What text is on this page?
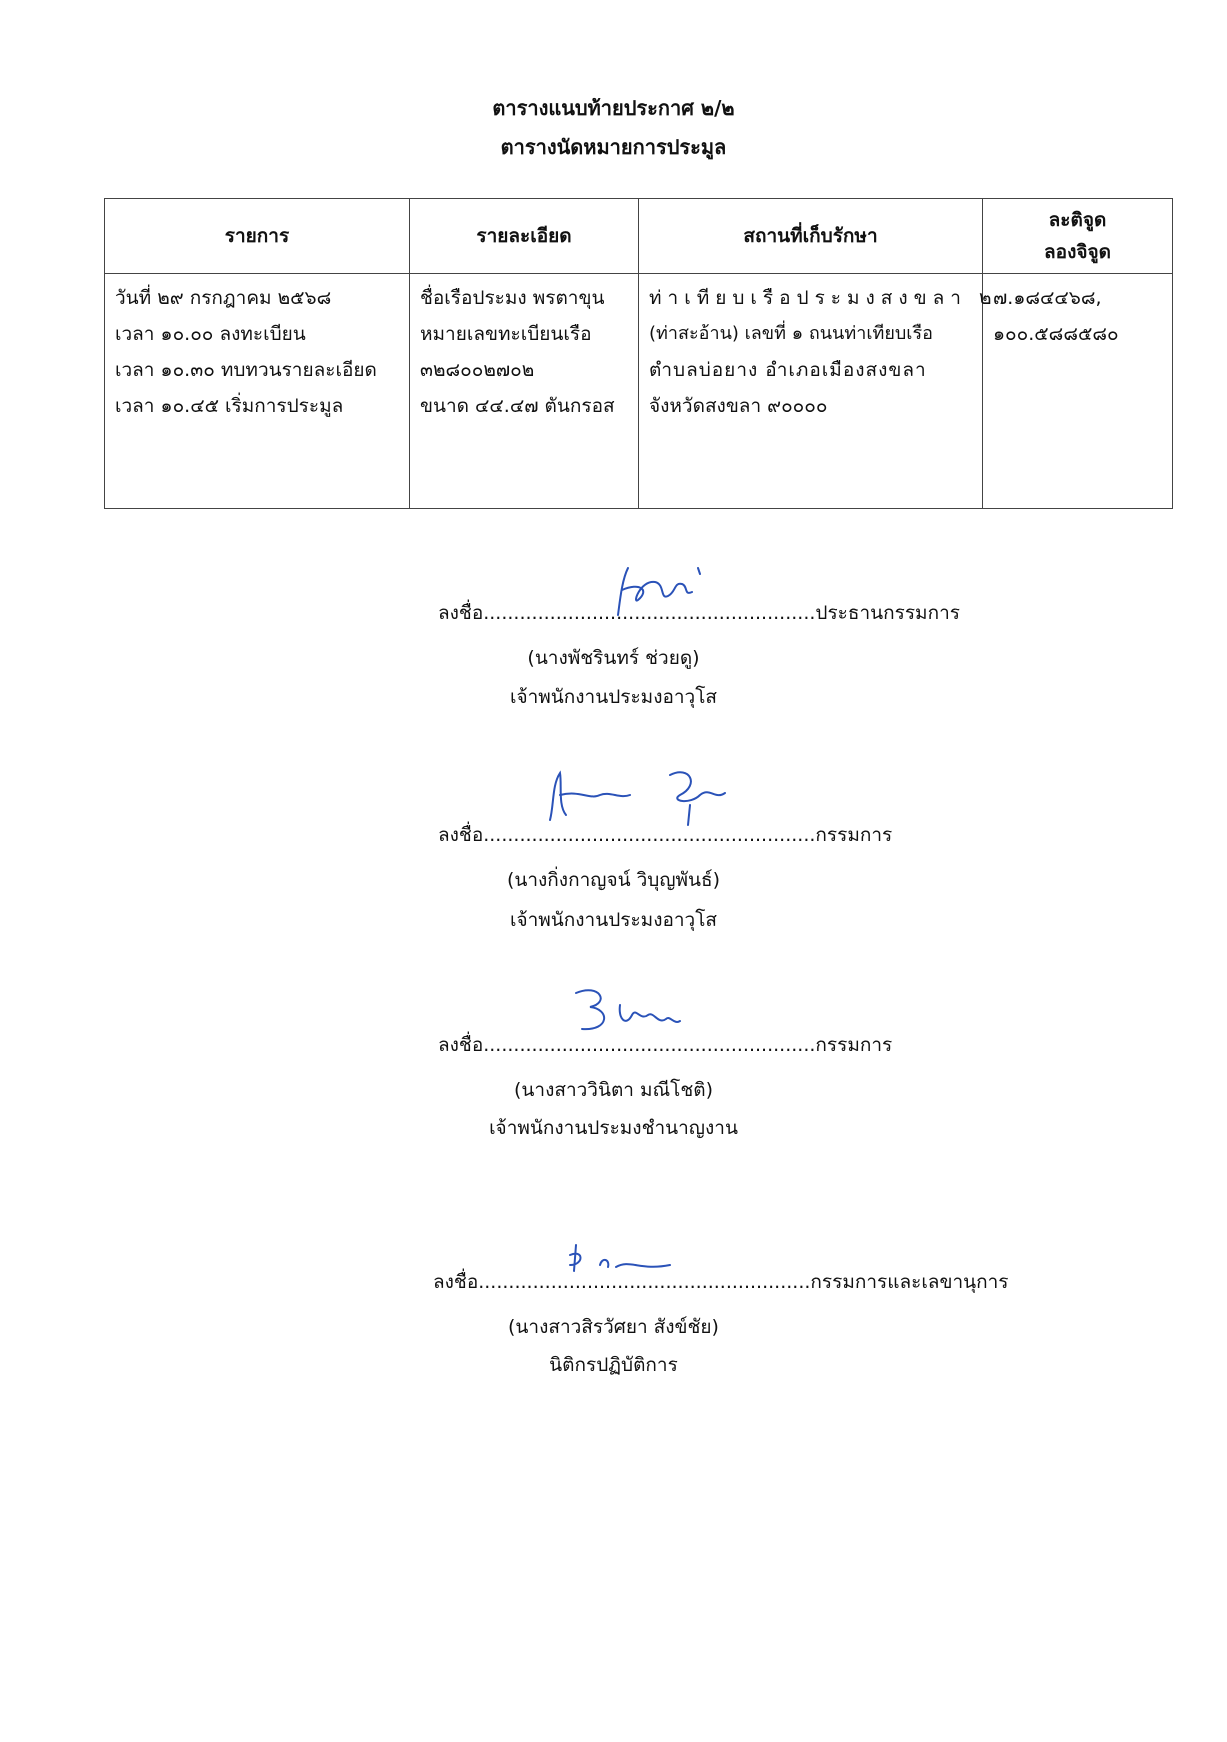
ตารางแนบท้ายประกาศ ๒/๒
ตารางนัดหมายการประมูล
รายการ	รายละเอียด	สถานที่เก็บรักษา	ละติจูด
ลองจิจูด

วันที่ ๒๙ กรกฎาคม ๒๕๖๘
เวลา ๑๐.๐๐ ลงทะเบียน
เวลา ๑๐.๓๐ ทบทวนรายละเอียด
เวลา ๑๐.๔๕ เริ่มการประมูล	ชื่อเรือประมง พรตาขุน
หมายเลขทะเบียนเรือ
๓๒๘๐๐๒๗๐๒
ขนาด ๔๔.๔๗ ตันกรอส	ท่าเทียบเรือประมงสงขลา ๒
(ท่าสะอ้าน) เลขที่ ๑ ถนนท่าเทียบเรือ
ตำบลบ่อยาง อำเภอเมืองสงขลา
จังหวัดสงขลา ๙๐๐๐๐	๗.๑๘๔๔๖๘,
๑๐๐.๕๘๘๕๘๐
ลงชื่อ.......................................................ประธานกรรมการ
(นางพัชรินทร์ ช่วยดู)
เจ้าพนักงานประมงอาวุโส
ลงชื่อ.......................................................กรรมการ
(นางกิ่งกาญจน์ วิบุญพันธ์)
เจ้าพนักงานประมงอาวุโส
ลงชื่อ.......................................................กรรมการ
(นางสาววินิตา มณีโชติ)
เจ้าพนักงานประมงชำนาญงาน
ลงชื่อ.......................................................กรรมการและเลขานุการ
(นางสาวสิรวัศยา สังข์ชัย)
นิติกรปฏิบัติการ
